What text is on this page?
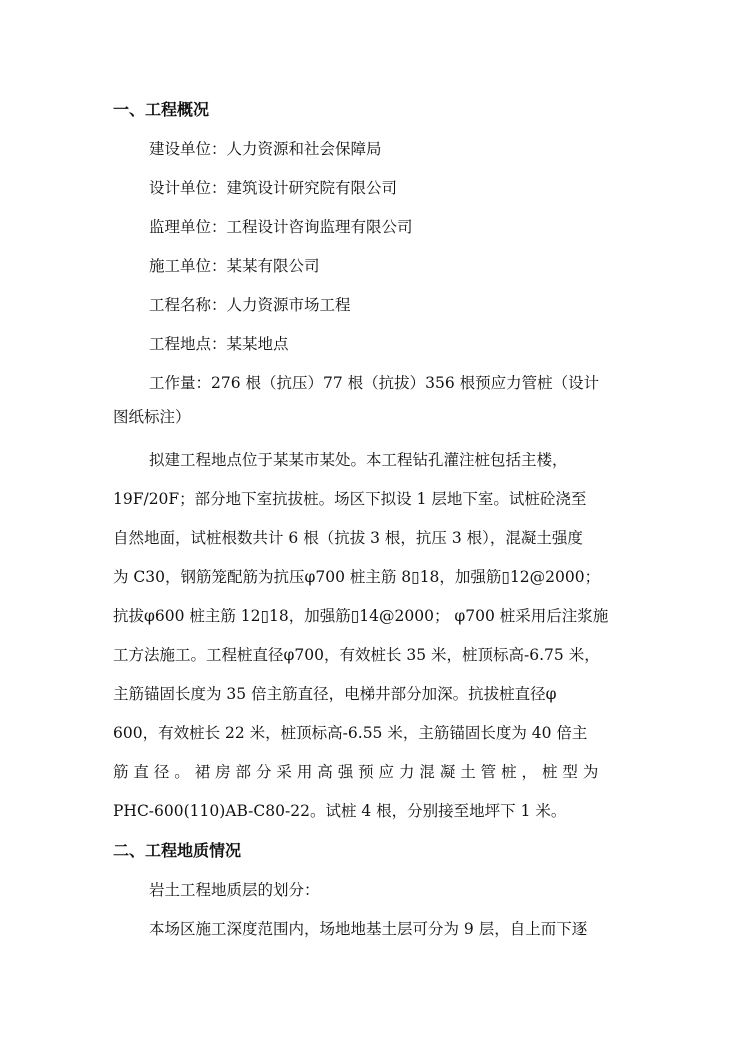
一、工程概况
建设单位：人力资源和社会保障局
设计单位：建筑设计研究院有限公司
监理单位：工程设计咨询监理有限公司
施工单位：某某有限公司
工程名称：人力资源市场工程
工程地点：某某地点
工作量：276 根（抗压）77 根（抗拔）356 根预应力管桩（设计
图纸标注）
拟建工程地点位于某某市某处。本工程钻孔灌注桩包括主楼，
19F/20F；部分地下室抗拔桩。场区下拟设 1 层地下室。试桩砼浇至
自然地面，试桩根数共计 6 根（抗拔 3 根，抗压 3 根），混凝土强度
为 C30，钢筋笼配筋为抗压φ700 桩主筋 8▯18，加强筋▯12@2000；
抗拔φ600 桩主筋 12▯18，加强筋▯14@2000； φ700 桩采用后注浆施
工方法施工。工程桩直径φ700，有效桩长 35 米，桩顶标高-6.75 米，
主筋锚固长度为 35 倍主筋直径，电梯井部分加深。抗拔桩直径φ
600，有效桩长 22 米，桩顶标高-6.55 米，主筋锚固长度为 40 倍主
筋 直 径 。 裙 房 部 分 采 用 高 强 预 应 力 混 凝 土 管 桩 ， 桩 型 为
PHC-600(110)AB-C80-22。试桩 4 根，分别接至地坪下 1 米。
二、工程地质情况
岩土工程地质层的划分：
本场区施工深度范围内，场地地基土层可分为 9 层，自上而下逐
